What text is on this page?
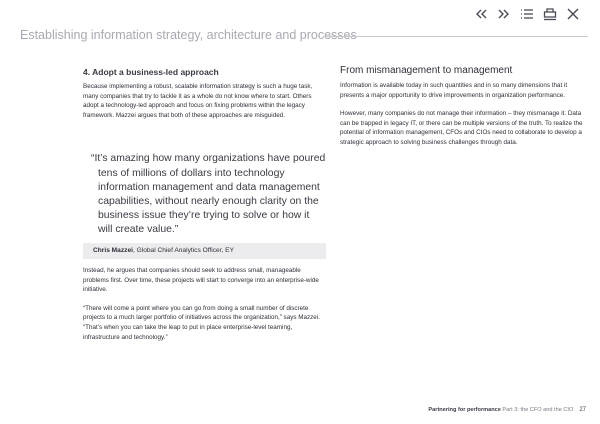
Establishing information strategy, architecture and processes
4. Adopt a business-led approach

Because implementing a robust, scalable information strategy is such a huge task, many companies that try to tackle it as a whole do not know where to start. Others adopt a technology-led approach and focus on fixing problems within the legacy framework. Mazzei argues that both of these approaches are misguided.

“It’s amazing how many organizations have poured tens of millions of dollars into technology information management and data management capabilities, without nearly enough clarity on the business issue they’re trying to solve or how it will create value.”
Chris Mazzei, Global Chief Analytics Officer, EY

Instead, he argues that companies should seek to address small, manageable problems first. Over time, these projects will start to converge into an enterprise-wide initiative.

“There will come a point where you can go from doing a small number of discrete projects to a much larger portfolio of initiatives across the organization,” says Mazzei. “That’s when you can take the leap to put in place enterprise-level teaming, infrastructure and technology.”

From mismanagement to management

Information is available today in such quantities and in so many dimensions that it presents a major opportunity to drive improvements in organization performance.

However, many companies do not manage their information – they mismanage it. Data can be trapped in legacy IT, or there can be multiple versions of the truth. To realize the potential of information management, CFOs and CIOs need to collaborate to develop a strategic approach to solving business challenges through data.

Partnering for performance Part 3: the CFO and the CIO 27
